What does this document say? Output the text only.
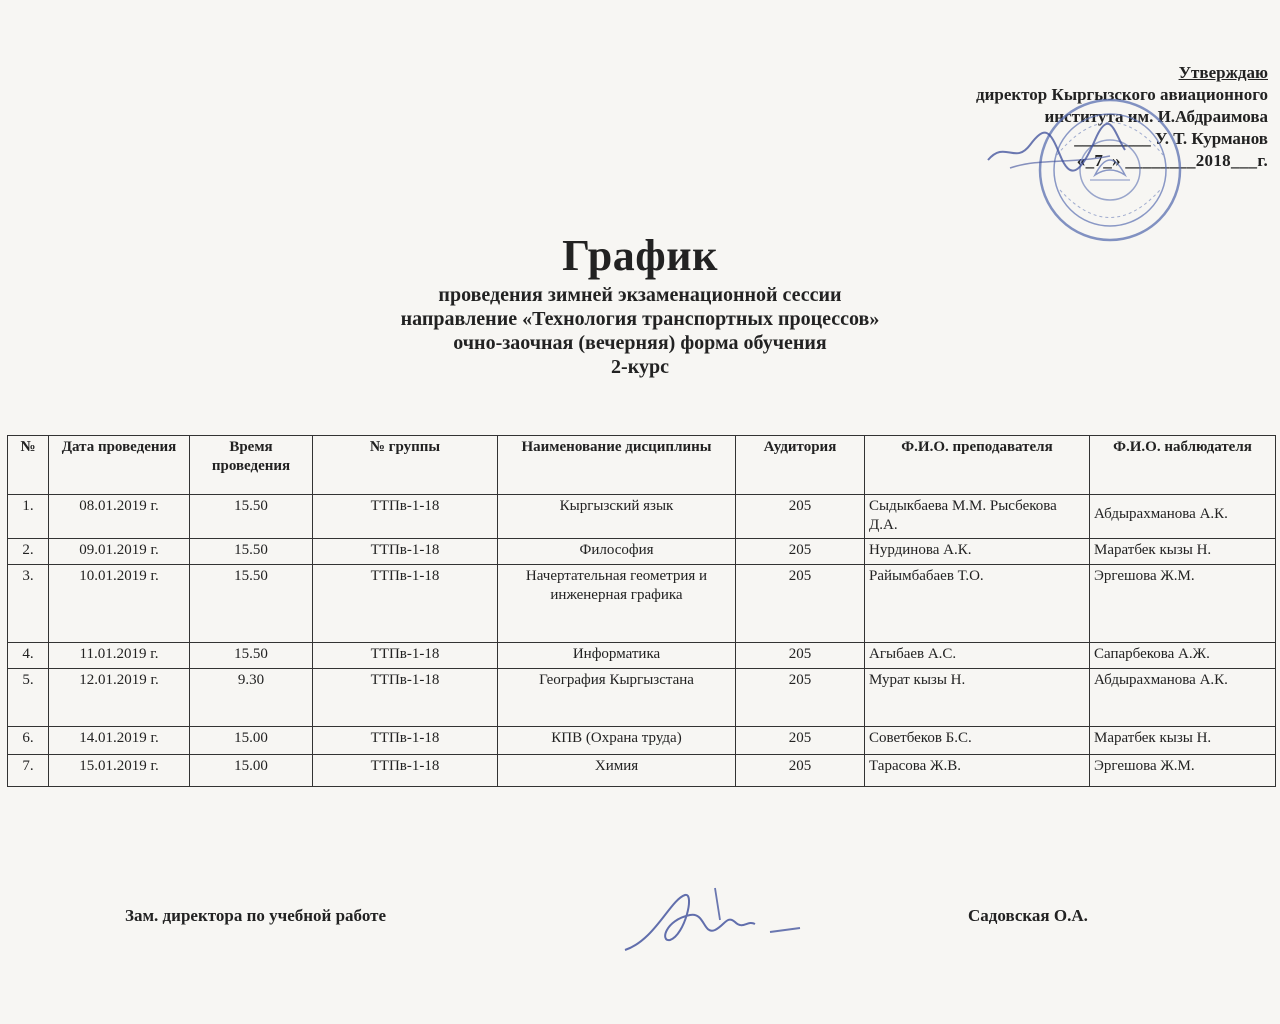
Утверждаю
директор Кыргызского авиационного
института им. И.Абдраимова
_________ У. Т. Курманов
«_7_» ________2018___г.
График
проведения зимней экзаменационной сессии
направление «Технология транспортных процессов»
очно-заочная (вечерняя) форма обучения
2-курс
№	Дата проведения	Время проведения	№ группы	Наименование дисциплины	Аудитория	Ф.И.О. преподавателя	Ф.И.О. наблюдателя
1.	08.01.2019 г.	15.50	ТТПв-1-18	Кыргызский язык	205	Сыдыкбаева М.М. Рысбекова Д.А.	Абдырахманова А.К.
2.	09.01.2019 г.	15.50	ТТПв-1-18	Философия	205	Нурдинова А.К.	Маратбек кызы Н.
3.	10.01.2019 г.	15.50	ТТПв-1-18	Начертательная геометрия и инженерная графика	205	Райымбабаев Т.О.	Эргешова Ж.М.
4.	11.01.2019 г.	15.50	ТТПв-1-18	Информатика	205	Агыбаев А.С.	Сапарбекова А.Ж.
5.	12.01.2019 г.	9.30	ТТПв-1-18	География Кыргызстана	205	Мурат кызы Н.	Абдырахманова А.К.
6.	14.01.2019 г.	15.00	ТТПв-1-18	КПВ (Охрана труда)	205	Советбеков Б.С.	Маратбек кызы Н.
7.	15.01.2019 г.	15.00	ТТПв-1-18	Химия	205	Тарасова Ж.В.	Эргешова Ж.М.
Зам. директора по учебной работе	Садовская О.А.
